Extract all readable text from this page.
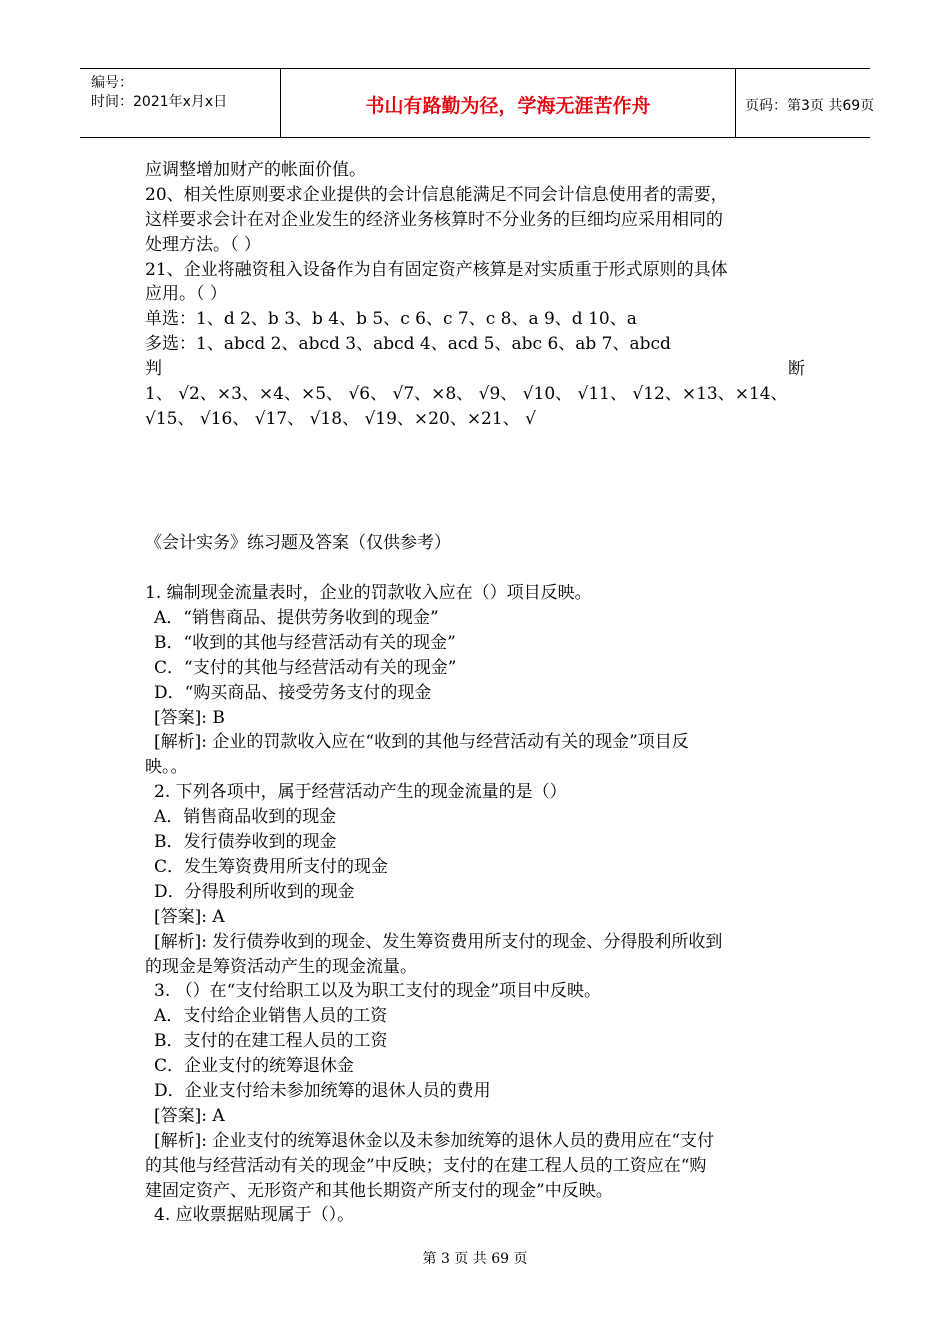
编号：
时间：2021年x月x日	书山有路勤为径，学海无涯苦作舟	页码：第3页 共69页
应调整增加财产的帐面价值。
20、相关性原则要求企业提供的会计信息能满足不同会计信息使用者的需要，
这样要求会计在对企业发生的经济业务核算时不分业务的巨细均应采用相同的
处理方法。（ ）
21、企业将融资租入设备作为自有固定资产核算是对实质重于形式原则的具体
应用。（ ）
单选：1、d 2、b 3、b 4、b 5、c 6、c 7、c 8、a 9、d 10、a
多选：1、abcd 2、abcd 3、abcd 4、acd 5、abc 6、ab 7、abcd
判	断
1、 √2、×3、×4、×5、 √6、 √7、×8、 √9、 √10、 √11、 √12、×13、×14、
√15、 √16、 √17、 √18、 √19、×20、×21、 √
《会计实务》练习题及答案（仅供参考）
1. 编制现金流量表时，企业的罚款收入应在（）项目反映。
A．“销售商品、提供劳务收到的现金”
B．“收到的其他与经营活动有关的现金”
C．“支付的其他与经营活动有关的现金”
D．“购买商品、接受劳务支付的现金
[答案]: B
[解析]: 企业的罚款收入应在“收到的其他与经营活动有关的现金”项目反
映。。
2. 下列各项中，属于经营活动产生的现金流量的是（）
A．销售商品收到的现金
B．发行债券收到的现金
C．发生筹资费用所支付的现金
D．分得股利所收到的现金
[答案]: A
[解析]: 发行债券收到的现金、发生筹资费用所支付的现金、分得股利所收到
的现金是筹资活动产生的现金流量。
3. （）在“支付给职工以及为职工支付的现金”项目中反映。
A．支付给企业销售人员的工资
B．支付的在建工程人员的工资
C．企业支付的统筹退休金
D．企业支付给未参加统筹的退休人员的费用
[答案]: A
[解析]: 企业支付的统筹退休金以及未参加统筹的退休人员的费用应在“支付
的其他与经营活动有关的现金”中反映；支付的在建工程人员的工资应在“购
建固定资产、无形资产和其他长期资产所支付的现金”中反映。
4. 应收票据贴现属于（）。
第 3 页 共 69 页
